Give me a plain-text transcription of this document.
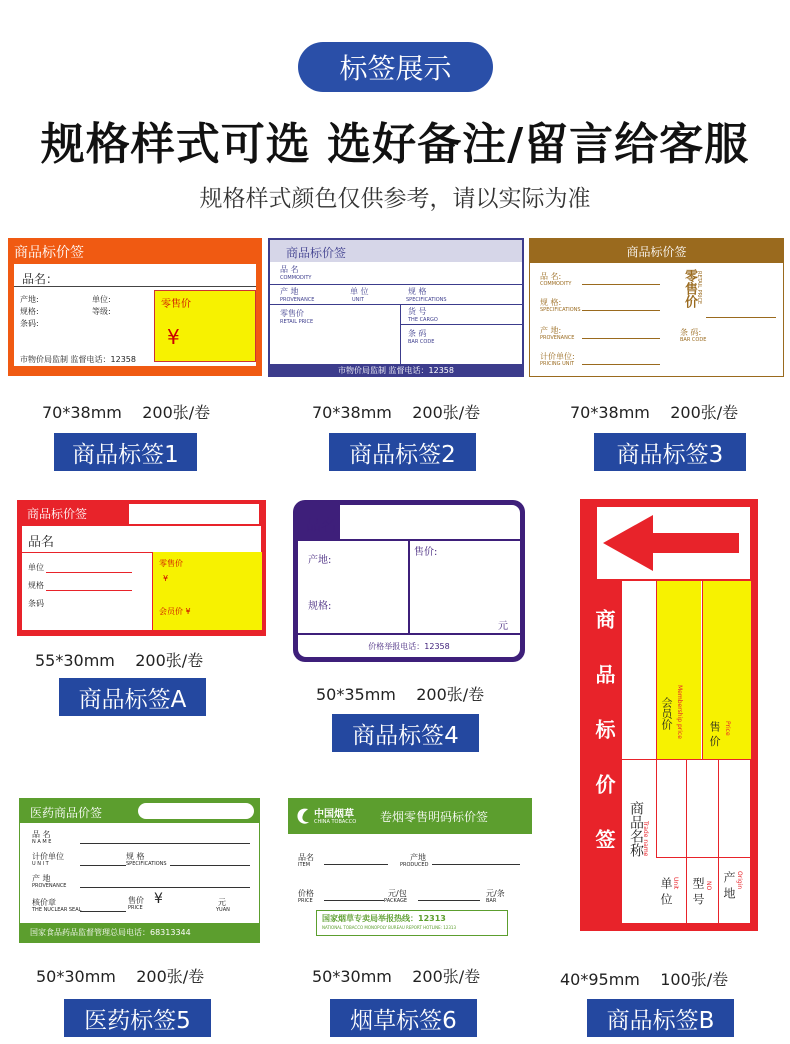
标签展示
规格样式可选 选好备注/留言给客服
规格样式颜色仅供参考，请以实际为准
商品标价签
品名：
产地:	单位:
规格:	等级:
条码:
零售价
¥
市物价局监制 监督电话：12358
商品标价签
品 名
COMMODITY
产 地
PROVENANCE
单 位
UNIT
规 格
SPECIFICATIONS
零售价
RETAIL PRICE
货 号
THE CARGO
条 码
BAR CODE
市物价局监制 监督电话：12358
商品标价签
品 名:
COMMODITY
规 格:
SPECIFICATIONS
产 地:
PROVENANCE
计价单位:
PRICING UNIT
零售价 RETAIL PRICE
条 码:
BAR CODE
70*38mm    200张/卷	70*38mm    200张/卷	70*38mm    200张/卷
商品标签1	商品标签2	商品标签3
商品标价签
品名
单位
规格
条码
零售价
¥
会员价 ¥
品名
产地:
规格:
售价:
元
价格举报电话：12358	商 品 标 价 签	会员价 Membership price 售 价 Price
商品名称
Trade name
单 位 Unit 型 号 NO 产 地 Origin
55*30mm    200张/卷
50*35mm    200张/卷
商品标签A
商品标签4
医药商品价签
品 名
N A M E
计价单位
U N I T
规 格
SPECIFICATIONS
产 地
PROVENANCE
核价章
THE NUCLEAR SEAL
售价
PRICE
¥	元
YUAN
国家食品药品监督管理总局电话：68313344
中国烟草
CHINA TOBACCO 卷烟零售明码标价签
品名
ITEM
产地
PRODUCED
价格
PRICE
元/包
PACKAGE
元/条
BAR
国家烟草专卖局举报热线：12313
NATIONAL TOBACCO MONOPOLY BUREAU REPORT HOTLINE: 12313
50*30mm    200张/卷	50*30mm    200张/卷	40*95mm    100张/卷
医药标签5	烟草标签6	商品标签B
